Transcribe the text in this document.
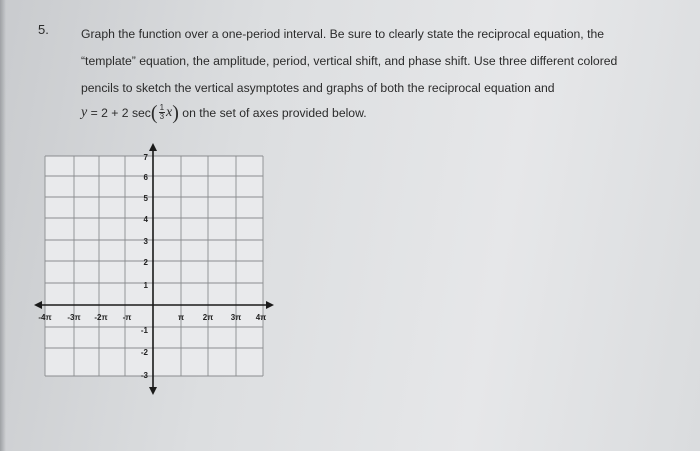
5.	Graph the function over a one-period interval. Be sure to clearly state the reciprocal equation, the
“template” equation, the amplitude, period, vertical shift, and phase shift. Use three different colored
pencils to sketch the vertical asymptotes and graphs of both the reciprocal equation and
y = 2 + 2 sec ( $\frac{1}{3}$ x ) on the set of axes provided below.
-4π -3π -2π -π	π 2π 3π 4π
7
6
5
4
3
2
1
-1
-2
-3
